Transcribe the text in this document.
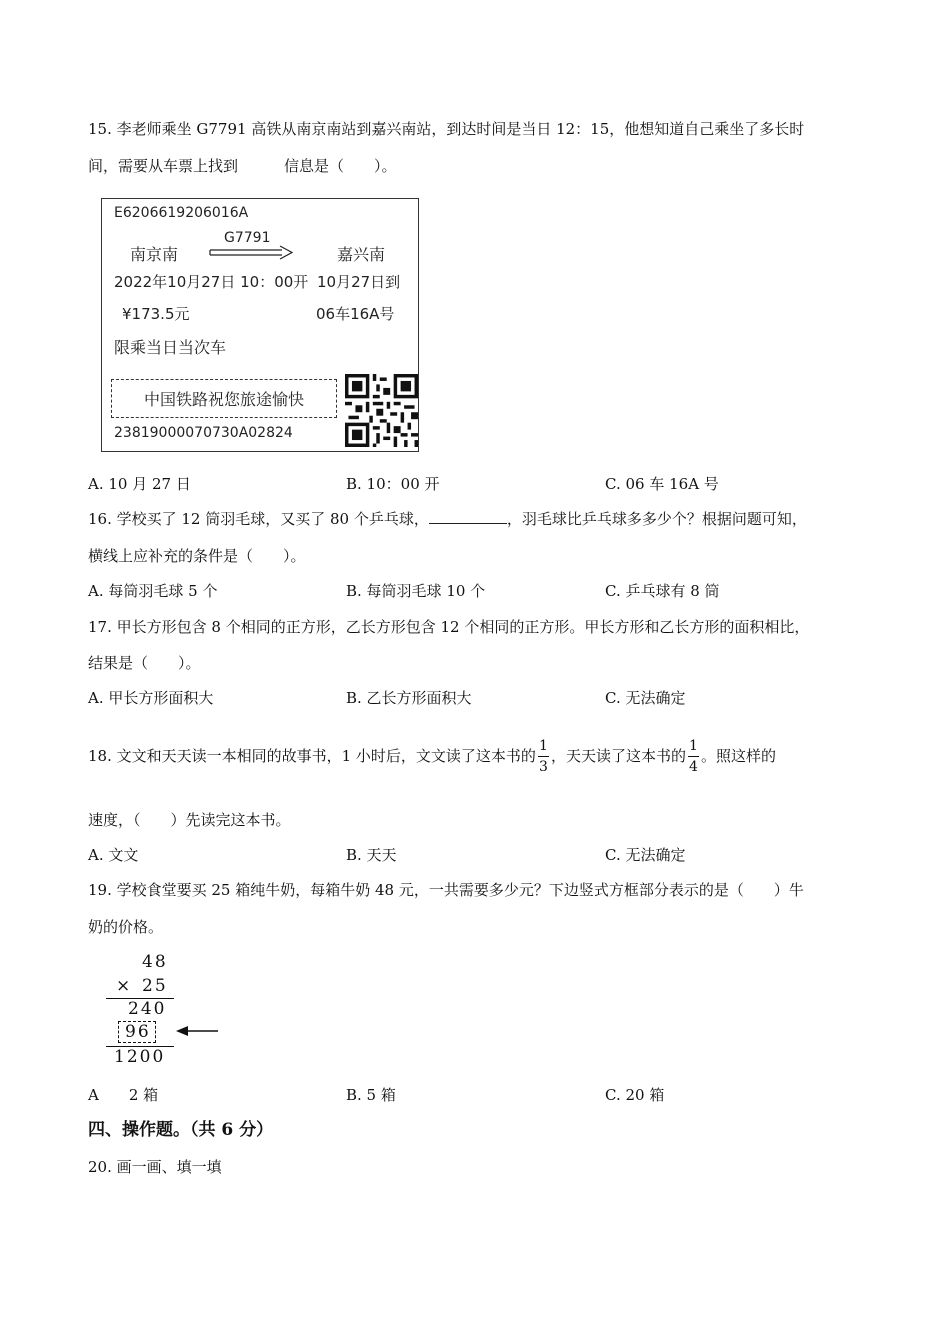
15. 李老师乘坐 G7791 高铁从南京南站到嘉兴南站，到达时间是当日 12：15，他想知道自己乘坐了多长时
间，需要从车票上找到	信息是（　　）。
E6206619206016A
南京南
G7791
嘉兴南
2022年10月27日 10：00开 10月27日到
¥173.5元	06车16A号
限乘当日当次车
中国铁路祝您旅途愉快
23819000070730A02824
A. 10 月 27 日	B. 10：00 开	C. 06 车 16A 号
16. 学校买了 12 筒羽毛球，又买了 80 个乒乓球，	，羽毛球比乒乓球多多少个？根据问题可知，
横线上应补充的条件是（　　）。
A. 每筒羽毛球 5 个	B. 每筒羽毛球 10 个	C. 乒乓球有 8 筒
17. 甲长方形包含 8 个相同的正方形，乙长方形包含 12 个相同的正方形。甲长方形和乙长方形的面积相比，
结果是（　　）。
A. 甲长方形面积大	B. 乙长方形面积大	C. 无法确定
18. 文文和天天读一本相同的故事书，1 小时后，文文读了这本书的 $\frac{1}{3}$ ，天天读了这本书的 $\frac{1}{4}$ 。照这样的
速度，（　　）先读完这本书。
A. 文文	B. 天天	C. 无法确定
19. 学校食堂要买 25 箱纯牛奶，每箱牛奶 48 元，一共需要多少元？下边竖式方框部分表示的是（　　）牛
奶的价格。
48
× 25
240
96
1200
A　　2 箱	B. 5 箱	C. 20 箱
四、操作题。（共 6 分）
20. 画一画、填一填
